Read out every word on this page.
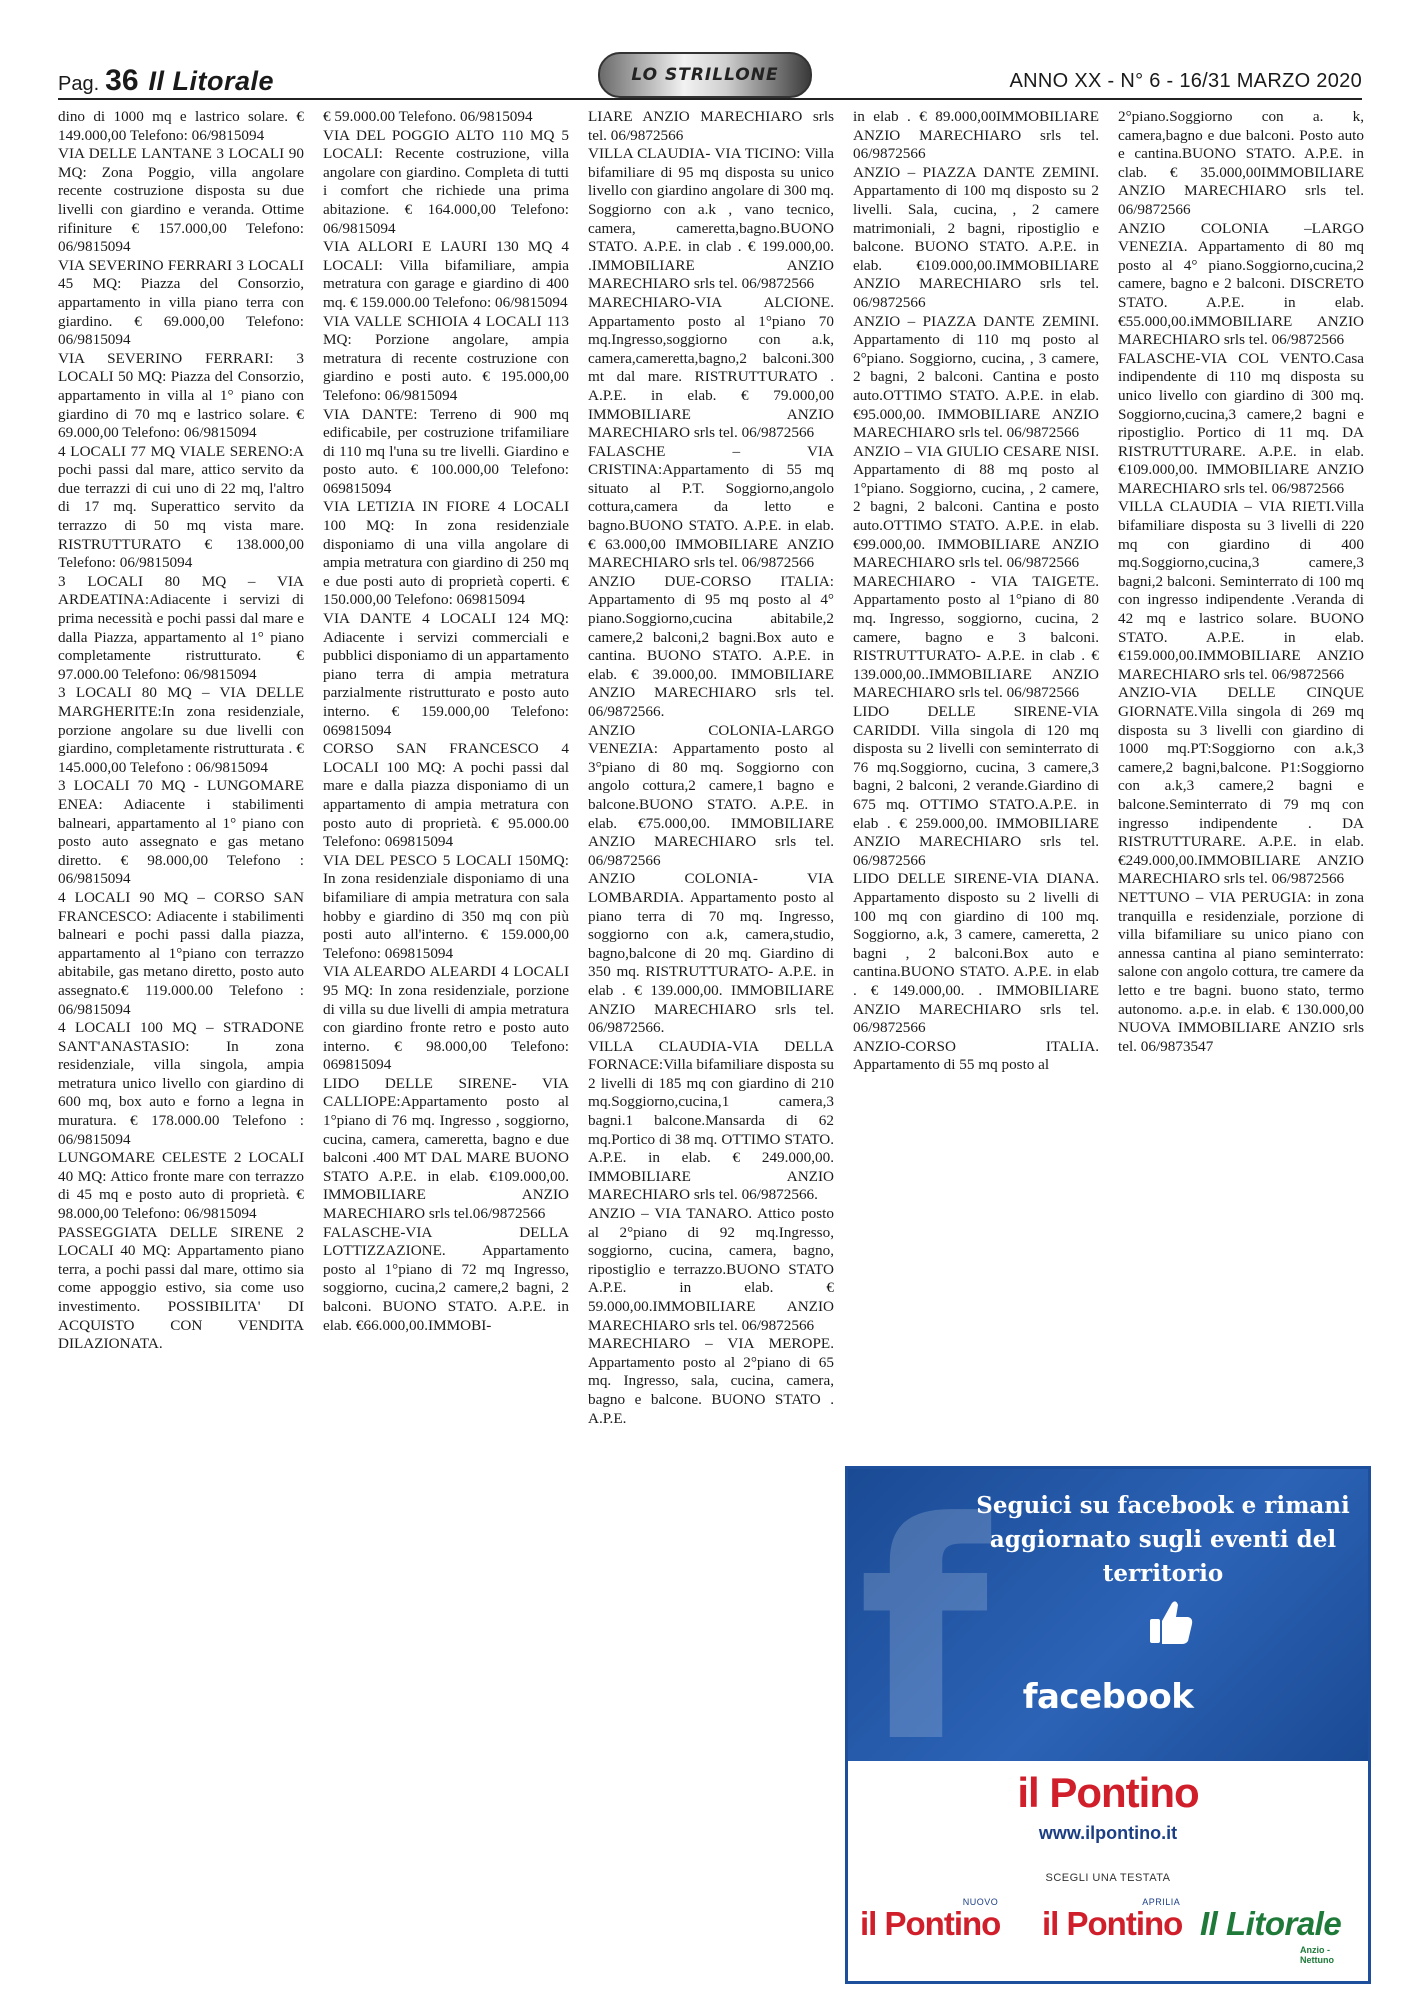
Pag. 36 Il Litorale	LO STRILLONE	ANNO XX - N° 6 - 16/31 MARZO 2020

dino di 1000 mq e lastrico solare. € 149.000,00 Telefono: 06/9815094

VIA DELLE LANTANE 3 LOCALI 90 MQ: Zona Poggio, villa angolare recente costruzione disposta su due livelli con giardino e veranda. Ottime rifiniture € 157.000,00 Telefono: 06/9815094

VIA SEVERINO FERRARI 3 LOCALI 45 MQ: Piazza del Consorzio, appartamento in villa piano terra con giardino. € 69.000,00 Telefono: 06/9815094

VIA SEVERINO FERRARI: 3 LOCALI 50 MQ: Piazza del Consorzio, appartamento in villa al 1° piano con giardino di 70 mq e lastrico solare. € 69.000,00 Telefono: 06/9815094

4 LOCALI 77 MQ VIALE SERENO:A pochi passi dal mare, attico servito da due terrazzi di cui uno di 22 mq, l'altro di 17 mq. Superattico servito da terrazzo di 50 mq vista mare. RISTRUTTURATO € 138.000,00 Telefono: 06/9815094

3 LOCALI 80 MQ – VIA ARDEATINA:Adiacente i servizi di prima necessità e pochi passi dal mare e dalla Piazza, appartamento al 1° piano completamente ristrutturato. € 97.000.00 Telefono: 06/9815094

3 LOCALI 80 MQ – VIA DELLE MARGHERITE:In zona residenziale, porzione angolare su due livelli con giardino, completamente ristrutturata . € 145.000,00 Telefono : 06/9815094

3 LOCALI 70 MQ - LUNGOMARE ENEA: Adiacente i stabilimenti balneari, appartamento al 1° piano con posto auto assegnato e gas metano diretto. € 98.000,00 Telefono : 06/9815094

4 LOCALI 90 MQ – CORSO SAN FRANCESCO: Adiacente i stabilimenti balneari e pochi passi dalla piazza, appartamento al 1°piano con terrazzo abitabile, gas metano diretto, posto auto assegnato.€ 119.000.00 Telefono : 06/9815094

4 LOCALI 100 MQ – STRADONE SANT'ANASTASIO: In zona residenziale, villa singola, ampia metratura unico livello con giardino di 600 mq, box auto e forno a legna in muratura. € 178.000.00 Telefono : 06/9815094

LUNGOMARE CELESTE 2 LOCALI 40 MQ: Attico fronte mare con terrazzo di 45 mq e posto auto di proprietà. € 98.000,00 Telefono: 06/9815094

PASSEGGIATA DELLE SIRENE 2 LOCALI 40 MQ: Appartamento piano terra, a pochi passi dal mare, ottimo sia come appoggio estivo, sia come uso investimento. POSSIBILITA' DI ACQUISTO CON VENDITA DILAZIONATA.

€ 59.000.00 Telefono. 06/9815094

VIA DEL POGGIO ALTO 110 MQ 5 LOCALI: Recente costruzione, villa angolare con giardino. Completa di tutti i comfort che richiede una prima abitazione. € 164.000,00 Telefono: 06/9815094

VIA ALLORI E LAURI 130 MQ 4 LOCALI: Villa bifamiliare, ampia metratura con garage e giardino di 400 mq. € 159.000.00 Telefono: 06/9815094

VIA VALLE SCHIOIA 4 LOCALI 113 MQ: Porzione angolare, ampia metratura di recente costruzione con giardino e posti auto. € 195.000,00 Telefono: 06/9815094

VIA DANTE: Terreno di 900 mq edificabile, per costruzione trifamiliare di 110 mq l'una su tre livelli. Giardino e posto auto. € 100.000,00 Telefono: 069815094

VIA LETIZIA IN FIORE 4 LOCALI 100 MQ: In zona residenziale disponiamo di una villa angolare di ampia metratura con giardino di 250 mq e due posti auto di proprietà coperti. € 150.000,00 Telefono: 069815094

VIA DANTE 4 LOCALI 124 MQ: Adiacente i servizi commerciali e pubblici disponiamo di un appartamento piano terra di ampia metratura parzialmente ristrutturato e posto auto interno. € 159.000,00 Telefono: 069815094

CORSO SAN FRANCESCO 4 LOCALI 100 MQ: A pochi passi dal mare e dalla piazza disponiamo di un appartamento di ampia metratura con posto auto di proprietà. € 95.000.00 Telefono: 069815094

VIA DEL PESCO 5 LOCALI 150MQ: In zona residenziale disponiamo di una bifamiliare di ampia metratura con sala hobby e giardino di 350 mq con più posti auto all'interno. € 159.000,00 Telefono: 069815094

VIA ALEARDO ALEARDI 4 LOCALI 95 MQ: In zona residenziale, porzione di villa su due livelli di ampia metratura con giardino fronte retro e posto auto interno. € 98.000,00 Telefono: 069815094

LIDO DELLE SIRENE- VIA CALLIOPE:Appartamento posto al 1°piano di 76 mq. Ingresso , soggiorno, cucina, camera, cameretta, bagno e due balconi .400 MT DAL MARE BUONO STATO A.P.E. in elab. €109.000,00. IMMOBILIARE ANZIO MARECHIARO srls tel.06/9872566

FALASCHE-VIA DELLA LOTTIZZAZIONE. Appartamento posto al 1°piano di 72 mq Ingresso, soggiorno, cucina,2 camere,2 bagni, 2 balconi. BUONO STATO. A.P.E. in elab. €66.000,00.IMMOBI-

LIARE ANZIO MARECHIARO srls tel. 06/9872566

VILLA CLAUDIA- VIA TICINO: Villa bifamiliare di 95 mq disposta su unico livello con giardino angolare di 300 mq. Soggiorno con a.k , vano tecnico, camera, cameretta,bagno.BUONO STATO. A.P.E. in clab . € 199.000,00. .IMMOBILIARE ANZIO MARECHIARO srls tel. 06/9872566

MARECHIARO-VIA ALCIONE. Appartamento posto al 1°piano 70 mq.Ingresso,soggiorno con a.k, camera,cameretta,bagno,2 balconi.300 mt dal mare. RISTRUTTURATO . A.P.E. in elab. € 79.000,00 IMMOBILIARE ANZIO MARECHIARO srls tel. 06/9872566

FALASCHE – VIA CRISTINA:Appartamento di 55 mq situato al P.T. Soggiorno,angolo cottura,camera da letto e bagno.BUONO STATO. A.P.E. in elab. € 63.000,00 IMMOBILIARE ANZIO MARECHIARO srls tel. 06/9872566

ANZIO DUE-CORSO ITALIA: Appartamento di 95 mq posto al 4° piano.Soggiorno,cucina abitabile,2 camere,2 balconi,2 bagni.Box auto e cantina. BUONO STATO. A.P.E. in elab. € 39.000,00. IMMOBILIARE ANZIO MARECHIARO srls tel. 06/9872566.

ANZIO COLONIA-LARGO VENEZIA: Appartamento posto al 3°piano di 80 mq. Soggiorno con angolo cottura,2 camere,1 bagno e balcone.BUONO STATO. A.P.E. in elab. €75.000,00. IMMOBILIARE ANZIO MARECHIARO srls tel. 06/9872566

ANZIO COLONIA- VIA LOMBARDIA. Appartamento posto al piano terra di 70 mq. Ingresso, soggiorno con a.k, camera,studio, bagno,balcone di 20 mq. Giardino di 350 mq. RISTRUTTURATO- A.P.E. in elab . € 139.000,00. IMMOBILIARE ANZIO MARECHIARO srls tel. 06/9872566.

VILLA CLAUDIA-VIA DELLA FORNACE:Villa bifamiliare disposta su 2 livelli di 185 mq con giardino di 210 mq.Soggiorno,cucina,1 camera,3 bagni.1 balcone.Mansarda di 62 mq.Portico di 38 mq. OTTIMO STATO. A.P.E. in elab. € 249.000,00. IMMOBILIARE ANZIO MARECHIARO srls tel. 06/9872566.

ANZIO – VIA TANARO. Attico posto al 2°piano di 92 mq.Ingresso, soggiorno, cucina, camera, bagno, ripostiglio e terrazzo.BUONO STATO A.P.E. in elab. € 59.000,00.IMMOBILIARE ANZIO MARECHIARO srls tel. 06/9872566

MARECHIARO – VIA MEROPE. Appartamento posto al 2°piano di 65 mq. Ingresso, sala, cucina, camera, bagno e balcone. BUONO STATO . A.P.E.

in elab . € 89.000,00IMMOBILIARE ANZIO MARECHIARO srls tel. 06/9872566

ANZIO – PIAZZA DANTE ZEMINI. Appartamento di 100 mq disposto su 2 livelli. Sala, cucina, , 2 camere matrimoniali, 2 bagni, ripostiglio e balcone. BUONO STATO. A.P.E. in elab. €109.000,00.IMMOBILIARE ANZIO MARECHIARO srls tel. 06/9872566

ANZIO – PIAZZA DANTE ZEMINI. Appartamento di 110 mq posto al 6°piano. Soggiorno, cucina, , 3 camere, 2 bagni, 2 balconi. Cantina e posto auto.OTTIMO STATO. A.P.E. in elab. €95.000,00. IMMOBILIARE ANZIO MARECHIARO srls tel. 06/9872566

ANZIO – VIA GIULIO CESARE NISI. Appartamento di 88 mq posto al 1°piano. Soggiorno, cucina, , 2 camere, 2 bagni, 2 balconi. Cantina e posto auto.OTTIMO STATO. A.P.E. in elab. €99.000,00. IMMOBILIARE ANZIO MARECHIARO srls tel. 06/9872566

MARECHIARO - VIA TAIGETE. Appartamento posto al 1°piano di 80 mq. Ingresso, soggiorno, cucina, 2 camere, bagno e 3 balconi. RISTRUTTURATO- A.P.E. in clab . € 139.000,00..IMMOBILIARE ANZIO MARECHIARO srls tel. 06/9872566

LIDO DELLE SIRENE-VIA CARIDDI. Villa singola di 120 mq disposta su 2 livelli con seminterrato di 76 mq.Soggiorno, cucina, 3 camere,3 bagni, 2 balconi, 2 verande.Giardino di 675 mq. OTTIMO STATO.A.P.E. in elab . € 259.000,00. IMMOBILIARE ANZIO MARECHIARO srls tel. 06/9872566

LIDO DELLE SIRENE-VIA DIANA. Appartamento disposto su 2 livelli di 100 mq con giardino di 100 mq. Soggiorno, a.k, 3 camere, cameretta, 2 bagni , 2 balconi.Box auto e cantina.BUONO STATO. A.P.E. in elab . € 149.000,00. . IMMOBILIARE ANZIO MARECHIARO srls tel. 06/9872566

ANZIO-CORSO ITALIA. Appartamento di 55 mq posto al

2°piano.Soggiorno con a. k, camera,bagno e due balconi. Posto auto e cantina.BUONO STATO. A.P.E. in clab. € 35.000,00IMMOBILIARE ANZIO MARECHIARO srls tel. 06/9872566

ANZIO COLONIA –LARGO VENEZIA. Appartamento di 80 mq posto al 4° piano.Soggiorno,cucina,2 camere, bagno e 2 balconi. DISCRETO STATO. A.P.E. in elab. €55.000,00.iMMOBILIARE ANZIO MARECHIARO srls tel. 06/9872566

FALASCHE-VIA COL VENTO.Casa indipendente di 110 mq disposta su unico livello con giardino di 300 mq. Soggiorno,cucina,3 camere,2 bagni e ripostiglio. Portico di 11 mq. DA RISTRUTTURARE. A.P.E. in elab. €109.000,00. IMMOBILIARE ANZIO MARECHIARO srls tel. 06/9872566

VILLA CLAUDIA – VIA RIETI.Villa bifamiliare disposta su 3 livelli di 220 mq con giardino di 400 mq.Soggiorno,cucina,3 camere,3 bagni,2 balconi. Seminterrato di 100 mq con ingresso indipendente .Veranda di 42 mq e lastrico solare. BUONO STATO. A.P.E. in elab. €159.000,00.IMMOBILIARE ANZIO MARECHIARO srls tel. 06/9872566

ANZIO-VIA DELLE CINQUE GIORNATE.Villa singola di 269 mq disposta su 3 livelli con giardino di 1000 mq.PT:Soggiorno con a.k,3 camere,2 bagni,balcone. P1:Soggiorno con a.k,3 camere,2 bagni e balcone.Seminterrato di 79 mq con ingresso indipendente . DA RISTRUTTURARE. A.P.E. in elab. €249.000,00.IMMOBILIARE ANZIO MARECHIARO srls tel. 06/9872566

NETTUNO – VIA PERUGIA: in zona tranquilla e residenziale, porzione di villa bifamiliare su unico piano con annessa cantina al piano seminterrato: salone con angolo cottura, tre camere da letto e tre bagni. buono stato, termo autonomo. a.p.e. in elab. € 130.000,00 NUOVA IMMOBILIARE ANZIO srls tel. 06/9873547

f
Seguici su facebook e rimani aggiornato sugli eventi del territorio
facebook
il Pontino
www.ilpontino.it
SCEGLI UNA TESTATA
il Pontino
NUOVO
il Pontino
APRILIA
Il Litorale
Anzio - Nettuno
